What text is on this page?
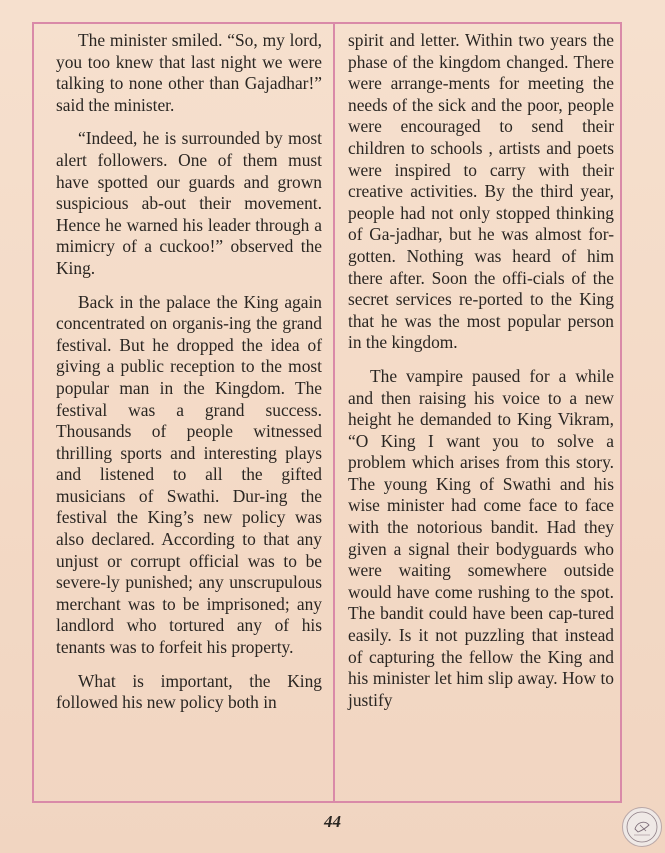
The minister smiled. “So, my lord, you too knew that last night we were talking to none other than Gajadhar!” said the minister.

“Indeed, he is surrounded by most alert followers. One of them must have spotted our guards and grown suspicious ab-out their movement. Hence he warned his leader through a mimicry of a cuckoo!” observed the King.

Back in the palace the King again concentrated on organis-ing the grand festival. But he dropped the idea of giving a public reception to the most popular man in the Kingdom. The festival was a grand success. Thousands of people witnessed thrilling sports and interesting plays and listened to all the gifted musicians of Swathi. Dur-ing the festival the King’s new policy was also declared. According to that any unjust or corrupt official was to be severe-ly punished; any unscrupulous merchant was to be imprisoned; any landlord who tortured any of his tenants was to forfeit his property.

What is important, the King followed his new policy both in

spirit and letter. Within two years the phase of the kingdom changed. There were arrange-ments for meeting the needs of the sick and the poor, people were encouraged to send their children to schools , artists and poets were inspired to carry with their creative activities. By the third year, people had not only stopped thinking of Ga-jadhar, but he was almost for-gotten. Nothing was heard of him there after. Soon the offi-cials of the secret services re-ported to the King that he was the most popular person in the kingdom.

The vampire paused for a while and then raising his voice to a new height he demanded to King Vikram, “O King I want you to solve a problem which arises from this story. The young King of Swathi and his wise minister had come face to face with the notorious bandit. Had they given a signal their bodyguards who were waiting somewhere outside would have come rushing to the spot. The bandit could have been cap-tured easily. Is it not puzzling that instead of capturing the fellow the King and his minister let him slip away. How to justify

44
